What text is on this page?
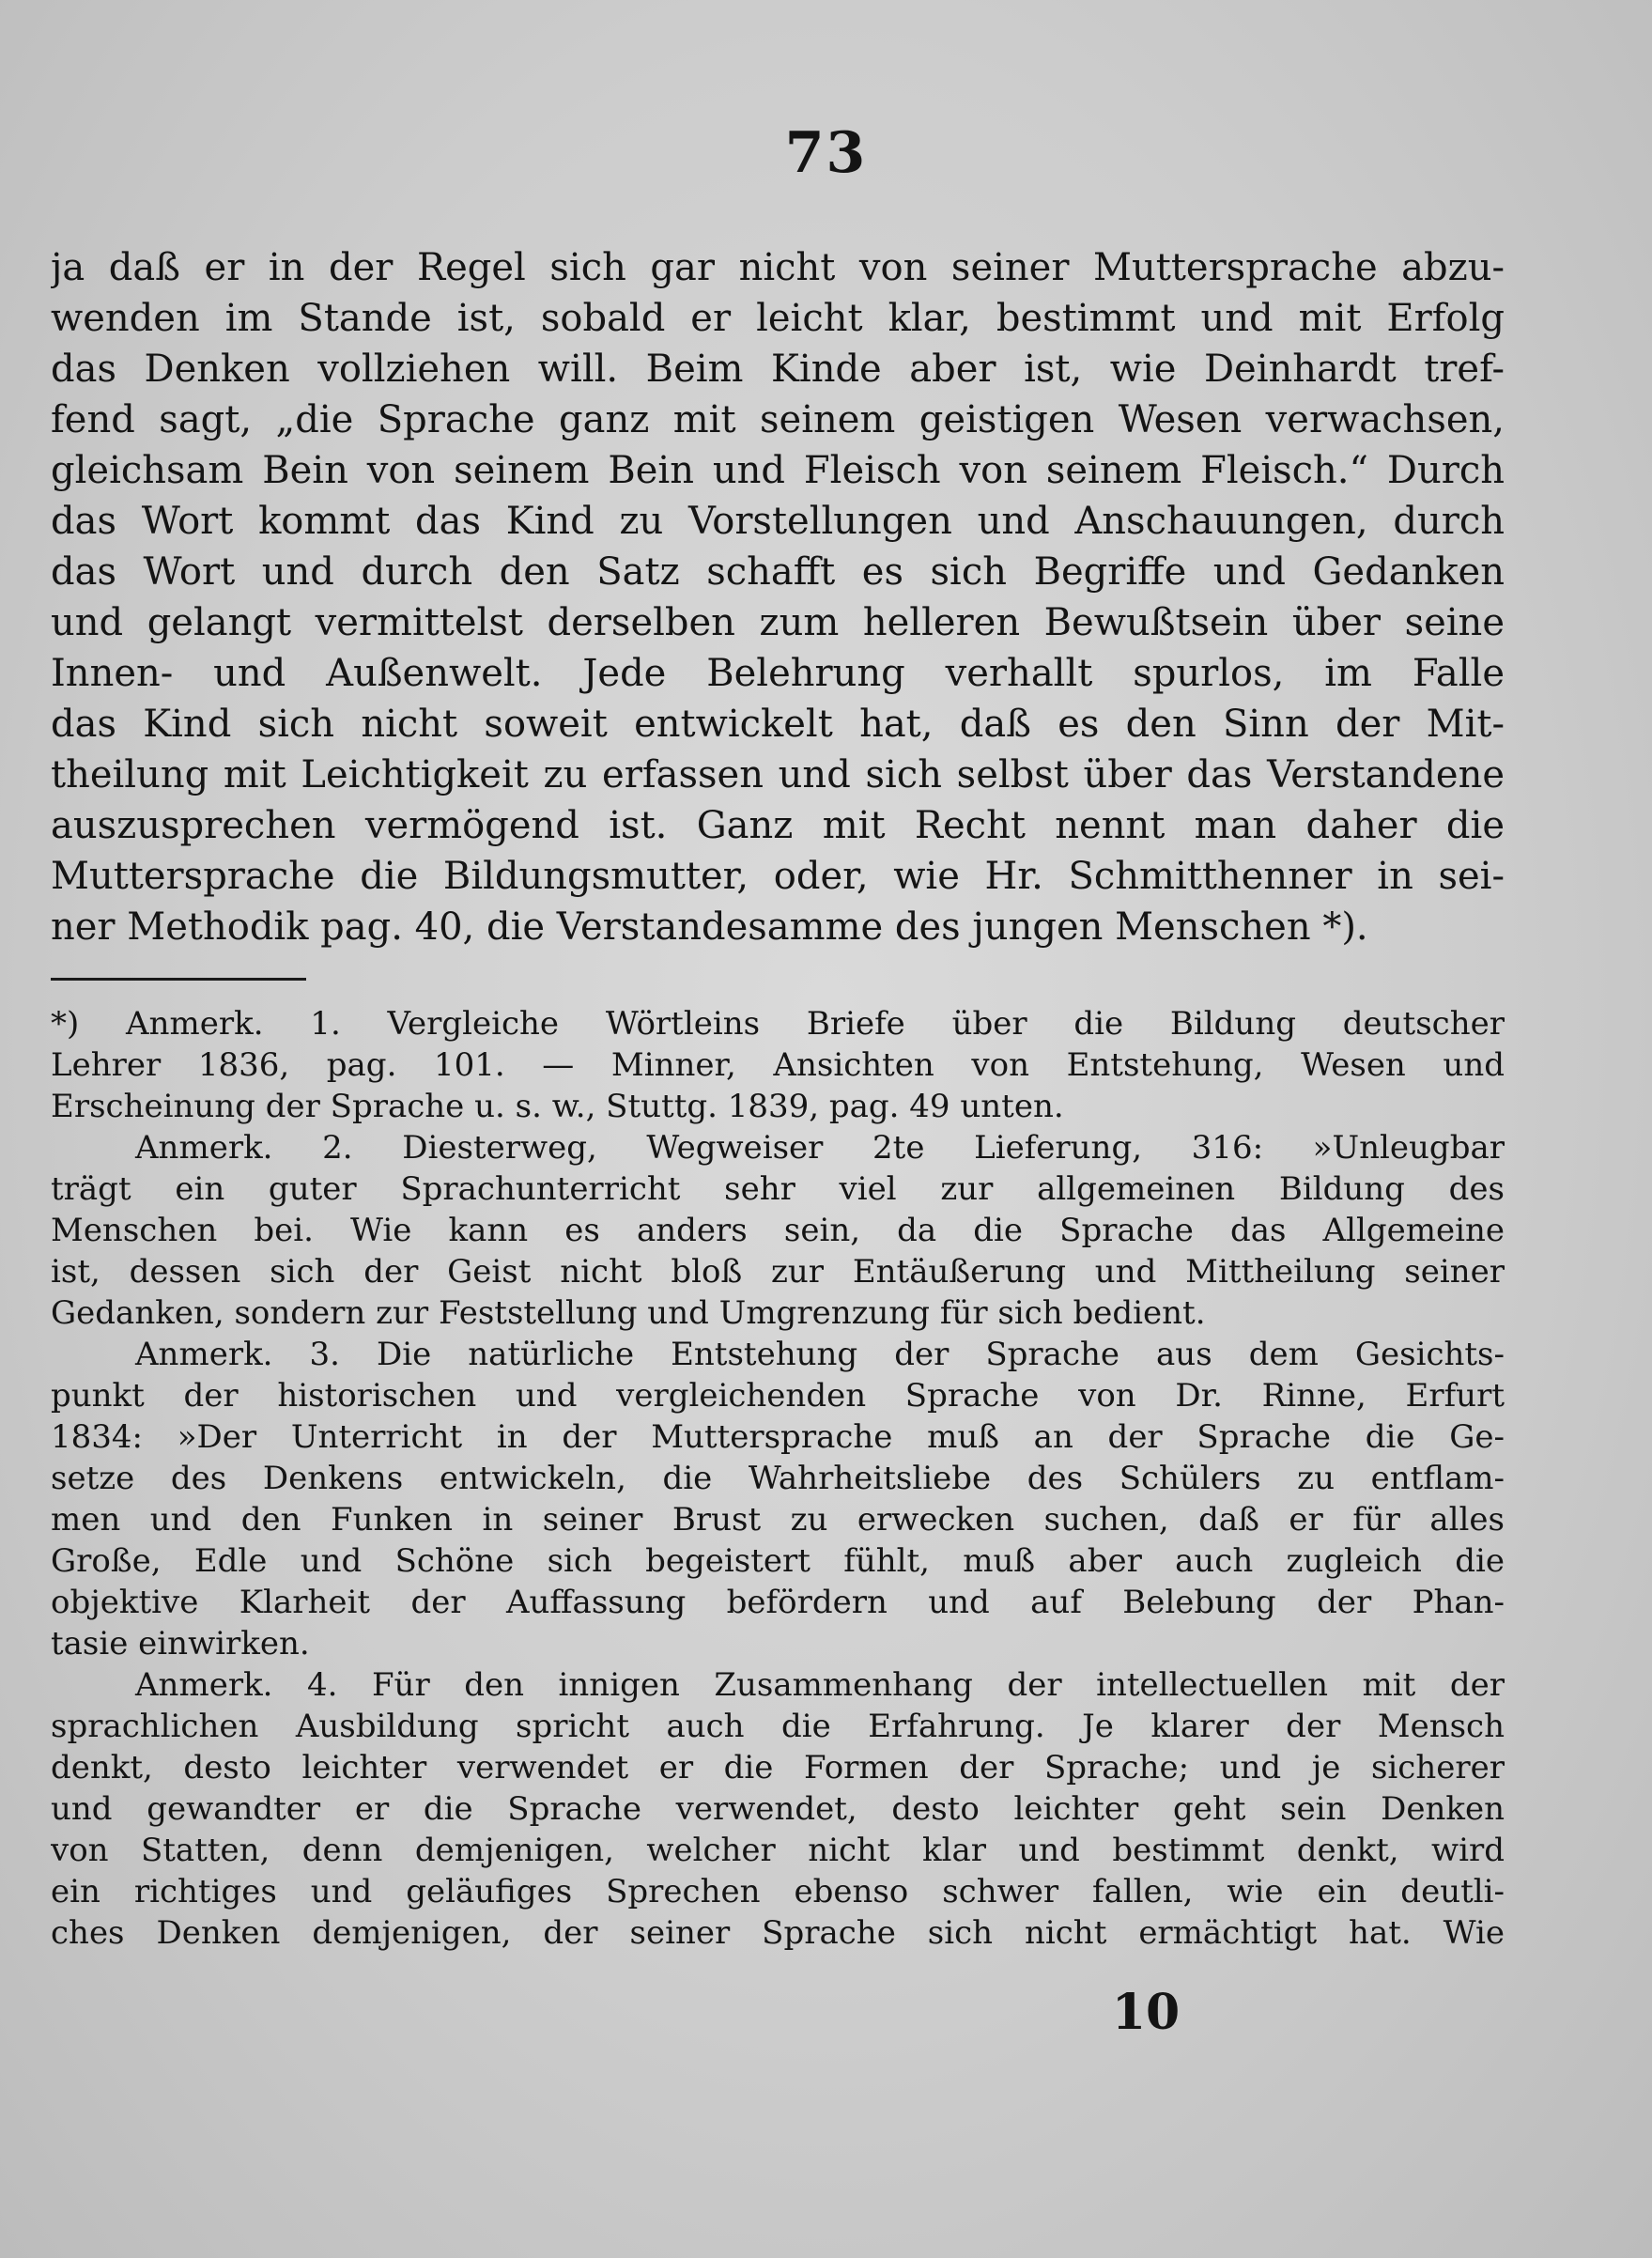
73
ja daß er in der Regel sich gar nicht von seiner Muttersprache abzu-
wenden im Stande ist, sobald er leicht klar, bestimmt und mit Erfolg
das Denken vollziehen will. Beim Kinde aber ist, wie Deinhardt tref-
fend sagt, „die Sprache ganz mit seinem geistigen Wesen verwachsen,
gleichsam Bein von seinem Bein und Fleisch von seinem Fleisch.“ Durch
das Wort kommt das Kind zu Vorstellungen und Anschauungen, durch
das Wort und durch den Satz schafft es sich Begriffe und Gedanken
und gelangt vermittelst derselben zum helleren Bewußtsein über seine
Innen- und Außenwelt. Jede Belehrung verhallt spurlos, im Falle
das Kind sich nicht soweit entwickelt hat, daß es den Sinn der Mit-
theilung mit Leichtigkeit zu erfassen und sich selbst über das Verstandene
auszusprechen vermögend ist. Ganz mit Recht nennt man daher die
Muttersprache die Bildungsmutter, oder, wie Hr. Schmitthenner in sei-
ner Methodik pag. 40, die Verstandesamme des jungen Menschen *).
*) Anmerk. 1. Vergleiche Wörtleins Briefe über die Bildung deutscher
Lehrer 1836, pag. 101. — Minner, Ansichten von Entstehung, Wesen und
Erscheinung der Sprache u. s. w., Stuttg. 1839, pag. 49 unten.
Anmerk. 2. Diesterweg, Wegweiser 2te Lieferung, 316: »Unleugbar
trägt ein guter Sprachunterricht sehr viel zur allgemeinen Bildung des
Menschen bei. Wie kann es anders sein, da die Sprache das Allgemeine
ist, dessen sich der Geist nicht bloß zur Entäußerung und Mittheilung seiner
Gedanken, sondern zur Feststellung und Umgrenzung für sich bedient.
Anmerk. 3. Die natürliche Entstehung der Sprache aus dem Gesichts-
punkt der historischen und vergleichenden Sprache von Dr. Rinne, Erfurt
1834: »Der Unterricht in der Muttersprache muß an der Sprache die Ge-
setze des Denkens entwickeln, die Wahrheitsliebe des Schülers zu entflam-
men und den Funken in seiner Brust zu erwecken suchen, daß er für alles
Große, Edle und Schöne sich begeistert fühlt, muß aber auch zugleich die
objektive Klarheit der Auffassung befördern und auf Belebung der Phan-
tasie einwirken.
Anmerk. 4. Für den innigen Zusammenhang der intellectuellen mit der
sprachlichen Ausbildung spricht auch die Erfahrung. Je klarer der Mensch
denkt, desto leichter verwendet er die Formen der Sprache; und je sicherer
und gewandter er die Sprache verwendet, desto leichter geht sein Denken
von Statten, denn demjenigen, welcher nicht klar und bestimmt denkt, wird
ein richtiges und geläufiges Sprechen ebenso schwer fallen, wie ein deutli-
ches Denken demjenigen, der seiner Sprache sich nicht ermächtigt hat. Wie
10
